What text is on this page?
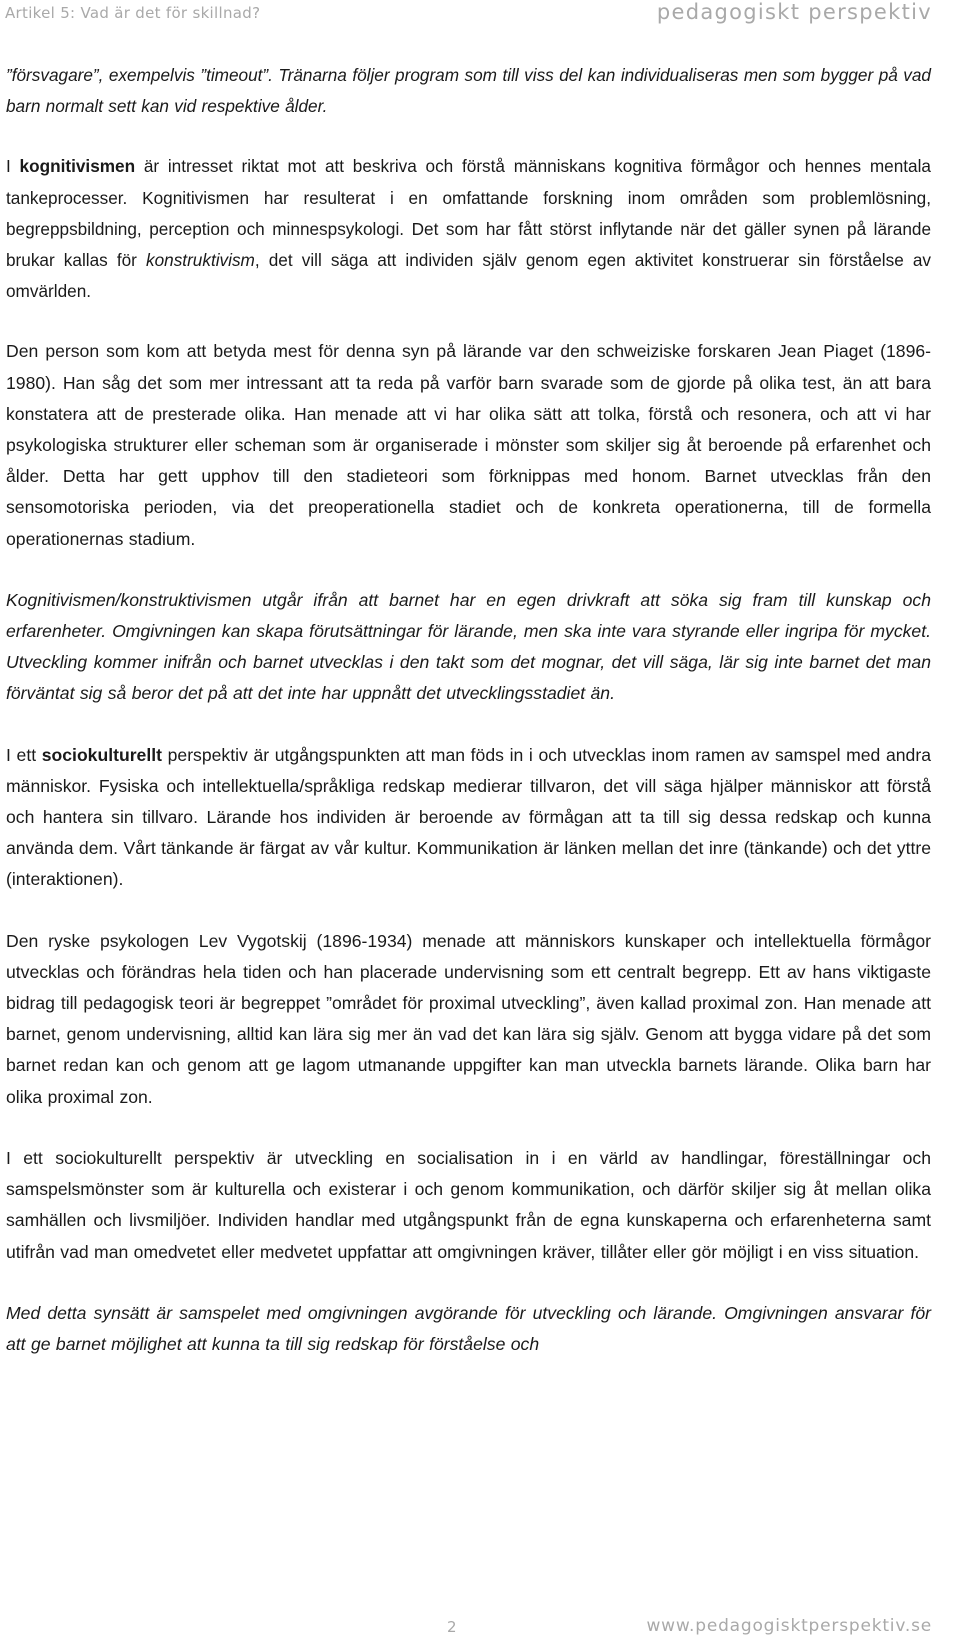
Artikel 5: Vad är det för skillnad?	pedagogiskt perspektiv

”försvagare”, exempelvis ”timeout”. Tränarna följer program som till viss del kan individualiseras men som bygger på vad barn normalt sett kan vid respektive ålder.

I kognitivismen är intresset riktat mot att beskriva och förstå människans kognitiva förmågor och hennes mentala tankeprocesser. Kognitivismen har resulterat i en omfattande forskning inom områden som problemlösning, begreppsbildning, perception och minnespsykologi. Det som har fått störst inflytande när det gäller synen på lärande brukar kallas för konstruktivism, det vill säga att individen själv genom egen aktivitet konstruerar sin förståelse av omvärlden.

Den person som kom att betyda mest för denna syn på lärande var den schweiziske forskaren Jean Piaget (1896-1980). Han såg det som mer intressant att ta reda på varför barn svarade som de gjorde på olika test, än att bara konstatera att de presterade olika. Han menade att vi har olika sätt att tolka, förstå och resonera, och att vi har psykologiska strukturer eller scheman som är organiserade i mönster som skiljer sig åt beroende på erfarenhet och ålder. Detta har gett upphov till den stadieteori som förknippas med honom. Barnet utvecklas från den sensomotoriska perioden, via det preoperationella stadiet och de konkreta operationerna, till de formella operationernas stadium.

Kognitivismen/konstruktivismen utgår ifrån att barnet har en egen drivkraft att söka sig fram till kunskap och erfarenheter. Omgivningen kan skapa förutsättningar för lärande, men ska inte vara styrande eller ingripa för mycket. Utveckling kommer inifrån och barnet utvecklas i den takt som det mognar, det vill säga, lär sig inte barnet det man förväntat sig så beror det på att det inte har uppnått det utvecklingsstadiet än.

I ett sociokulturellt perspektiv är utgångspunkten att man föds in i och utvecklas inom ramen av samspel med andra människor. Fysiska och intellektuella/språkliga redskap medierar tillvaron, det vill säga hjälper människor att förstå och hantera sin tillvaro. Lärande hos individen är beroende av förmågan att ta till sig dessa redskap och kunna använda dem. Vårt tänkande är färgat av vår kultur. Kommunikation är länken mellan det inre (tänkande) och det yttre (interaktionen).

Den ryske psykologen Lev Vygotskij (1896-1934) menade att människors kunskaper och intellektuella förmågor utvecklas och förändras hela tiden och han placerade undervisning som ett centralt begrepp. Ett av hans viktigaste bidrag till pedagogisk teori är begreppet ”området för proximal utveckling”, även kallad proximal zon. Han menade att barnet, genom undervisning, alltid kan lära sig mer än vad det kan lära sig själv. Genom att bygga vidare på det som barnet redan kan och genom att ge lagom utmanande uppgifter kan man utveckla barnets lärande. Olika barn har olika proximal zon.

I ett sociokulturellt perspektiv är utveckling en socialisation in i en värld av handlingar, föreställningar och samspelsmönster som är kulturella och existerar i och genom kommunikation, och därför skiljer sig åt mellan olika samhällen och livsmiljöer. Individen handlar med utgångspunkt från de egna kunskaperna och erfarenheterna samt utifrån vad man omedvetet eller medvetet uppfattar att omgivningen kräver, tillåter eller gör möjligt i en viss situation.

Med detta synsätt är samspelet med omgivningen avgörande för utveckling och lärande. Omgivningen ansvarar för att ge barnet möjlighet att kunna ta till sig redskap för förståelse och

2	www.pedagogisktperspektiv.se
